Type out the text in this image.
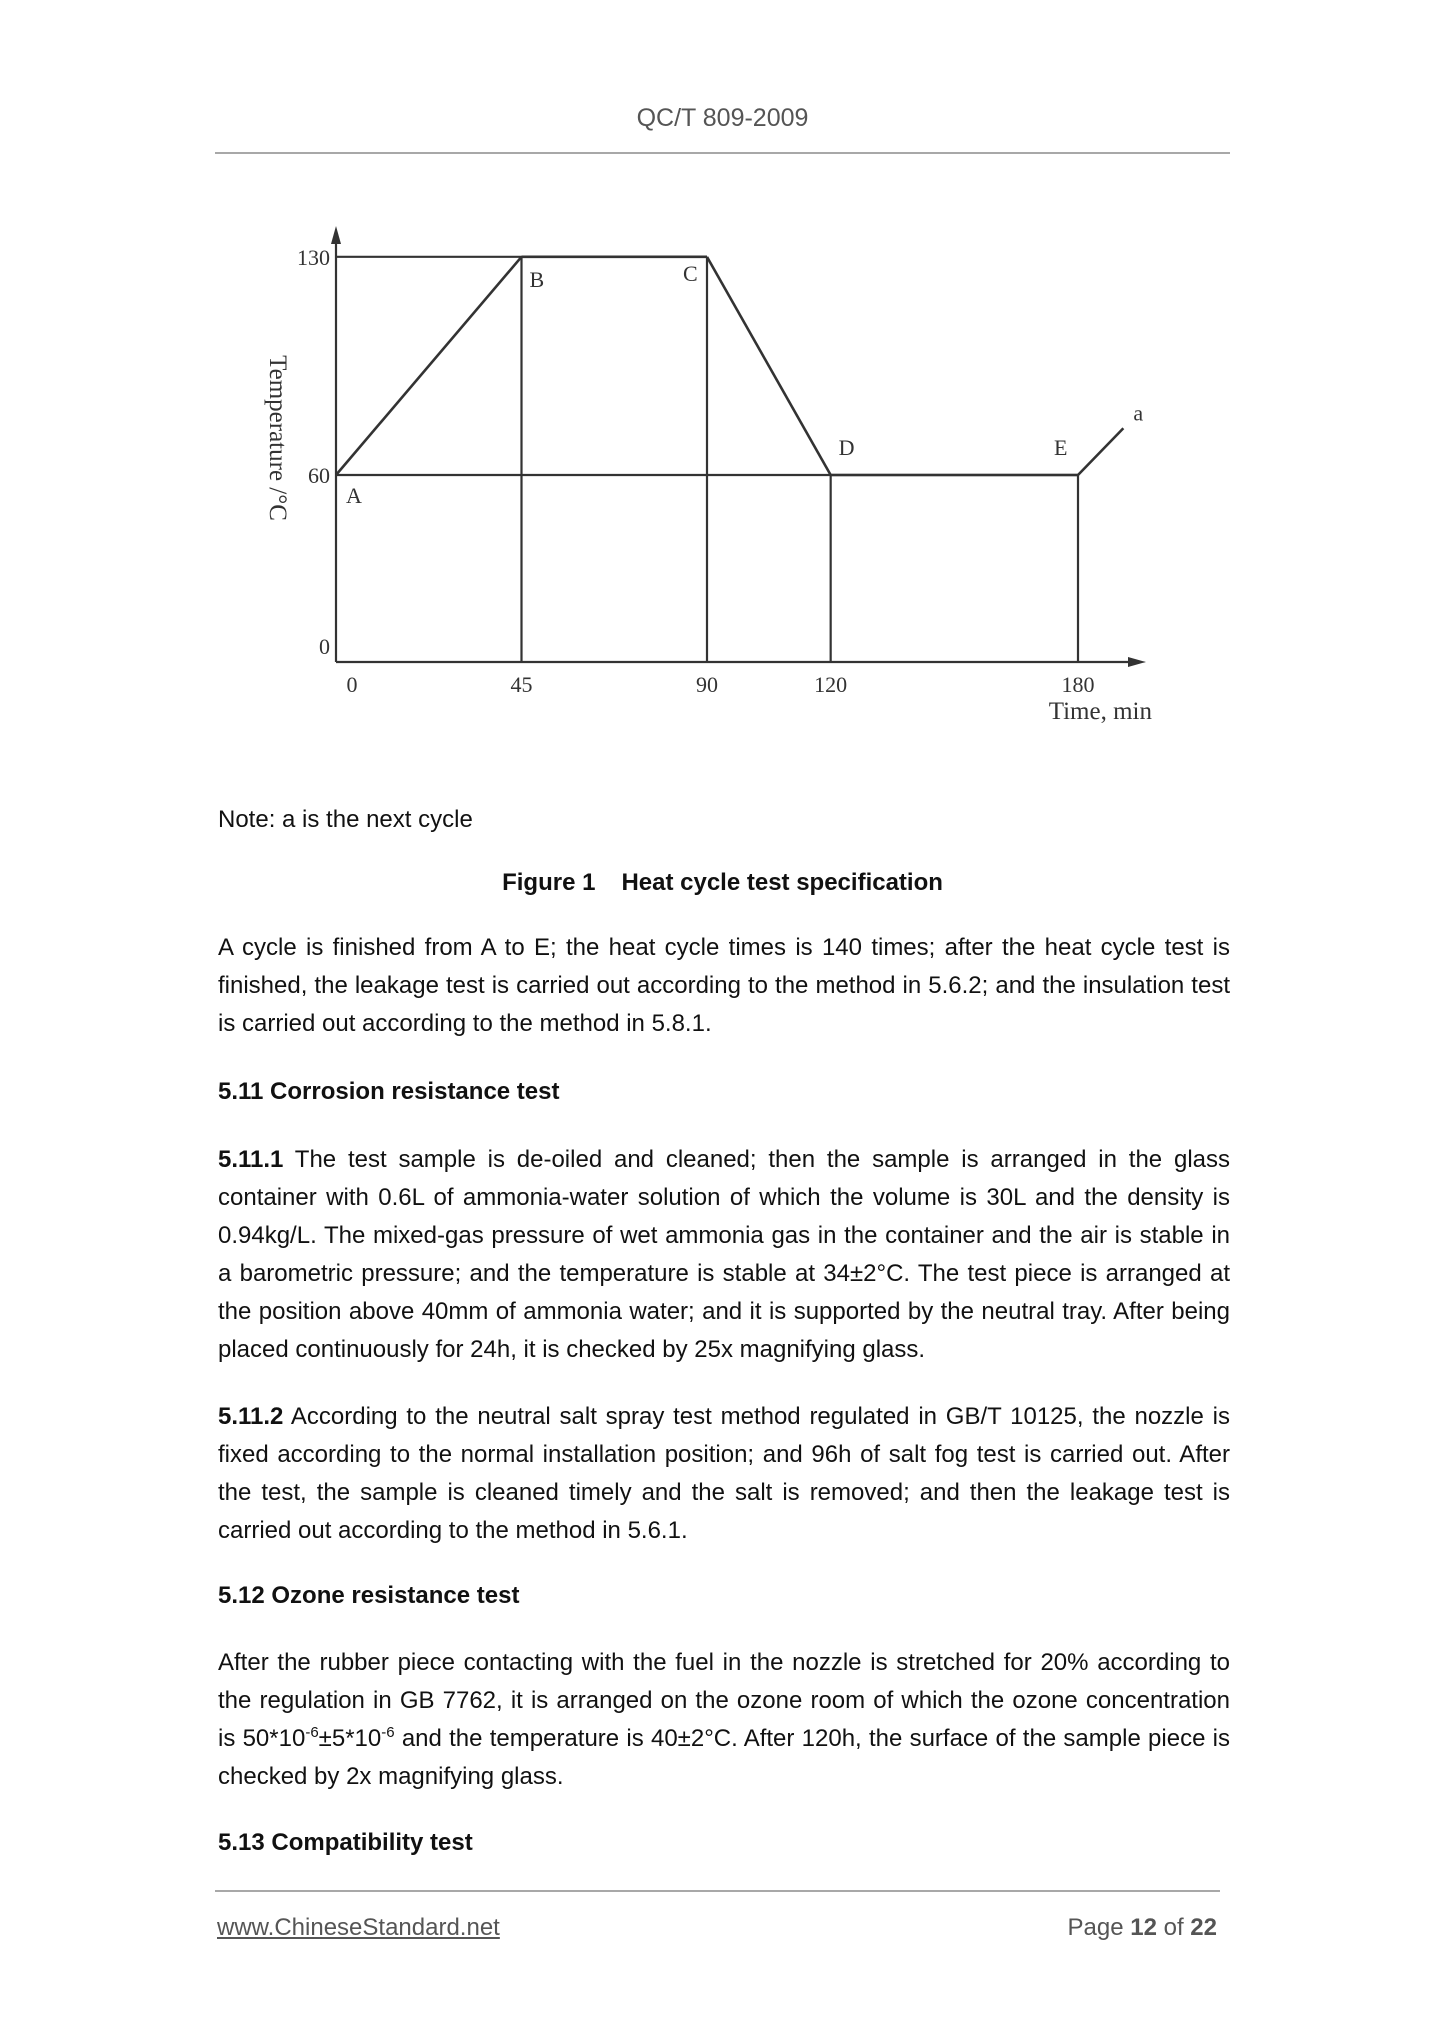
QC/T 809-2009
A
B	C
D	E
a
0
60
130
0	45	90	120	180
Time, min
Temperature /°C
Note: a is the next cycle
Figure 1 Heat cycle test specification
A cycle is finished from A to E; the heat cycle times is 140 times; after the heat cycle test is finished, the leakage test is carried out according to the method in 5.6.2; and the insulation test is carried out according to the method in 5.8.1.
5.11 Corrosion resistance test
5.11.1 The test sample is de-oiled and cleaned; then the sample is arranged in the glass container with 0.6L of ammonia-water solution of which the volume is 30L and the density is 0.94kg/L. The mixed-gas pressure of wet ammonia gas in the container and the air is stable in a barometric pressure; and the temperature is stable at 34±2°C. The test piece is arranged at the position above 40mm of ammonia water; and it is supported by the neutral tray. After being placed continuously for 24h, it is checked by 25x magnifying glass.
5.11.2 According to the neutral salt spray test method regulated in GB/T 10125, the nozzle is fixed according to the normal installation position; and 96h of salt fog test is carried out. After the test, the sample is cleaned timely and the salt is removed; and then the leakage test is carried out according to the method in 5.6.1.
5.12 Ozone resistance test
After the rubber piece contacting with the fuel in the nozzle is stretched for 20% according to the regulation in GB 7762, it is arranged on the ozone room of which the ozone concentration is $50*10^{-6}\pm 5*10^{-6}$ and the temperature is 40±2°C. After 120h, the surface of the sample piece is checked by 2x magnifying glass.
5.13 Compatibility test
www.ChineseStandard.net	Page 12 of 22
